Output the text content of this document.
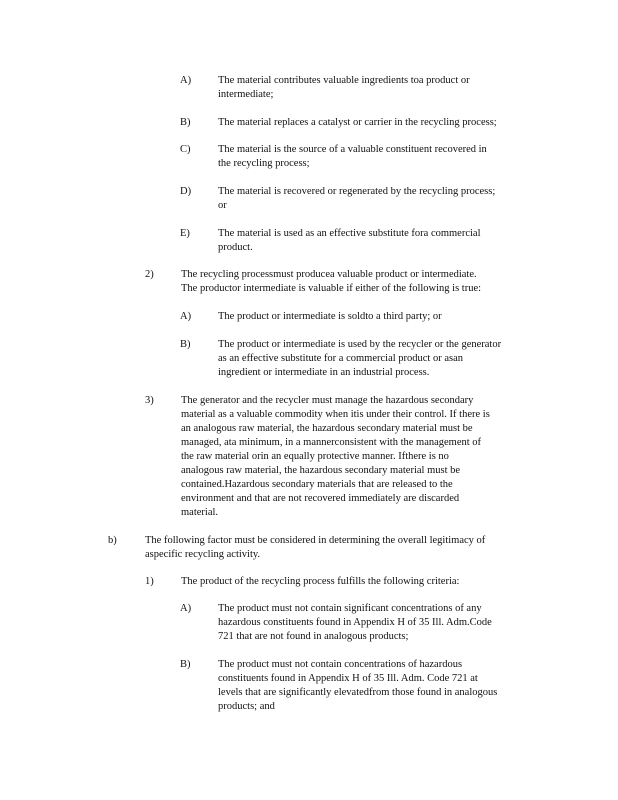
A)	The material contributes valuable ingredients toa product or
intermediate;
B)	The material replaces a catalyst or carrier in the recycling process;
C)	The material is the source of a valuable constituent recovered in
the recycling process;
D)	The material is recovered or regenerated by the recycling process;
or
E)	The material is used as an effective substitute fora commercial
product.
2)	The recycling processmust producea valuable product or intermediate.
The productor intermediate is valuable if either of the following is true:
A)	The product or intermediate is soldto a third party; or
B)	The product or intermediate is used by the recycler or the generator
as an effective substitute for a commercial product or asan
ingredient or intermediate in an industrial process.
3)	The generator and the recycler must manage the hazardous secondary
material as a valuable commodity when itis under their control. If there is
an analogous raw material, the hazardous secondary material must be
managed, ata minimum, in a mannerconsistent with the management of
the raw material orin an equally protective manner. Ifthere is no
analogous raw material, the hazardous secondary material must be
contained.Hazardous secondary materials that are released to the
environment and that are not recovered immediately are discarded
material.
b)	The following factor must be considered in determining the overall legitimacy of
aspecific recycling activity.
1)	The product of the recycling process fulfills the following criteria:
A)	The product must not contain significant concentrations of any
hazardous constituents found in Appendix H of 35 Ill. Adm.Code
721 that are not found in analogous products;
B)	The product must not contain concentrations of hazardous
constituents found in Appendix H of 35 Ill. Adm. Code 721 at
levels that are significantly elevatedfrom those found in analogous
products; and
